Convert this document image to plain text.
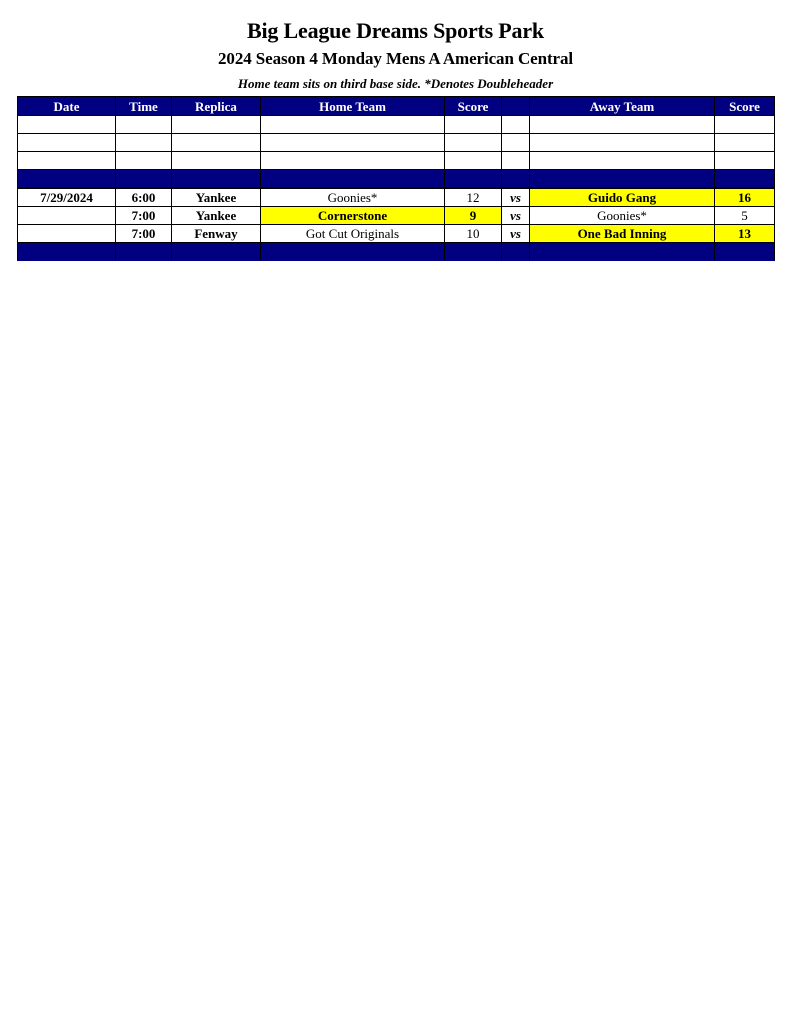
Big League Dreams Sports Park
2024 Season 4 Monday Mens A American Central
Home team sits on third base side. *Denotes Doubleheader
Date	Time	Replica	Home Team	Score		Away Team	Score

7/29/2024	6:00	Yankee	Goonies*	12	vs	Guido Gang	16
	7:00	Yankee	Cornerstone	9	vs	Goonies*	5
	7:00	Fenway	Got Cut Originals	10	vs	One Bad Inning	13
